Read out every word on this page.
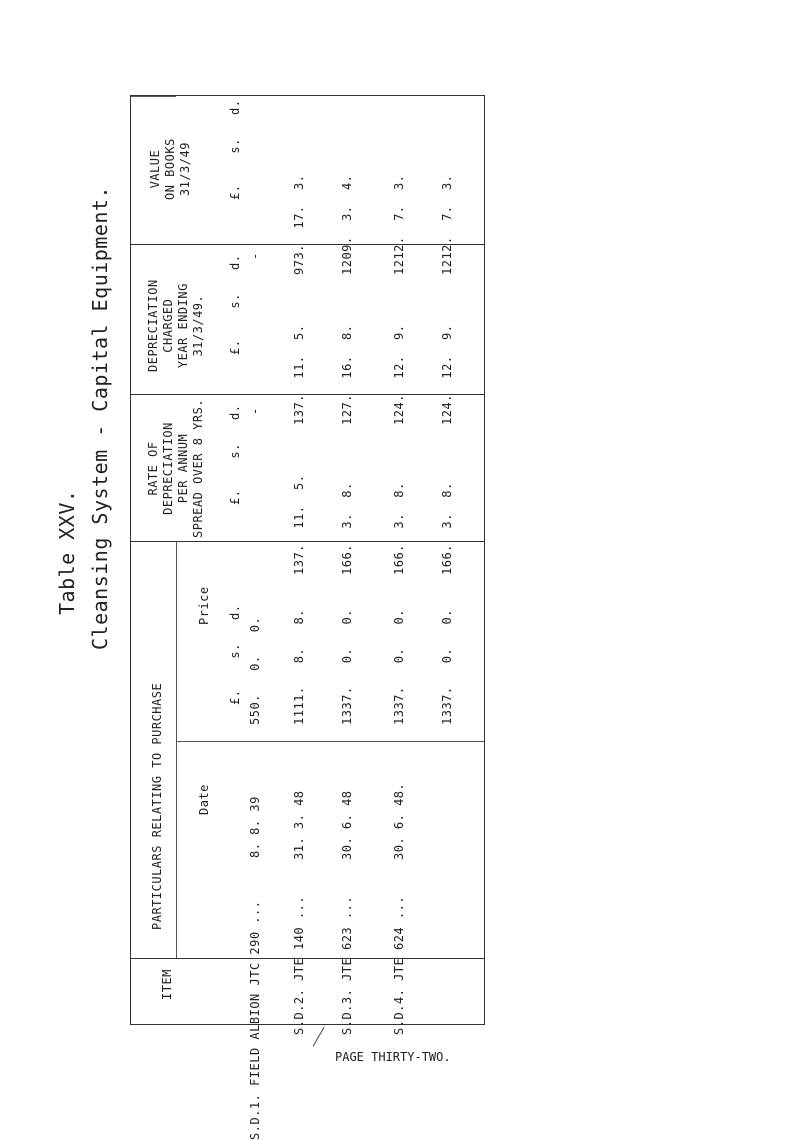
Table XXV. Cleansing System - Capital Equipment.
VALUE ON BOOKS 31/3/49
DEPRECIATION CHARGED YEAR ENDING 31/3/49.
RATE OF DEPRECIATION PER ANNUM SPREAD OVER 8 YRS.
PARTICULARS RELATING TO PURCHASE
Price
Date
ITEM
£.    s.   d.
£.    s.   d.
£.    s.   d.
£.    s.   d.
550.   0.   0.
8. 8. 39
S.D.1. FIELD ALBION JTC 290 ...
-
-
1111.   8.   8.
31. 3. 48
S.D.2. JTE 140 ...
137.  11.  5.
137.  11.  5.
973.  17.  3.
1337.   0.   0.
30. 6. 48
S.D.3. JTE 623 ...
166.  3.  8.
127.  16.  8.
1209.  3.  4.
1337.   0.   0.
30. 6. 48.
S.D.4. JTE 624 ...
166.  3.  8.
124.  12.  9.
1212.  7.  3.
1337.   0.   0.
166.  3.  8.
124.  12.  9.
1212.  7.  3.
PAGE THIRTY-TWO.
